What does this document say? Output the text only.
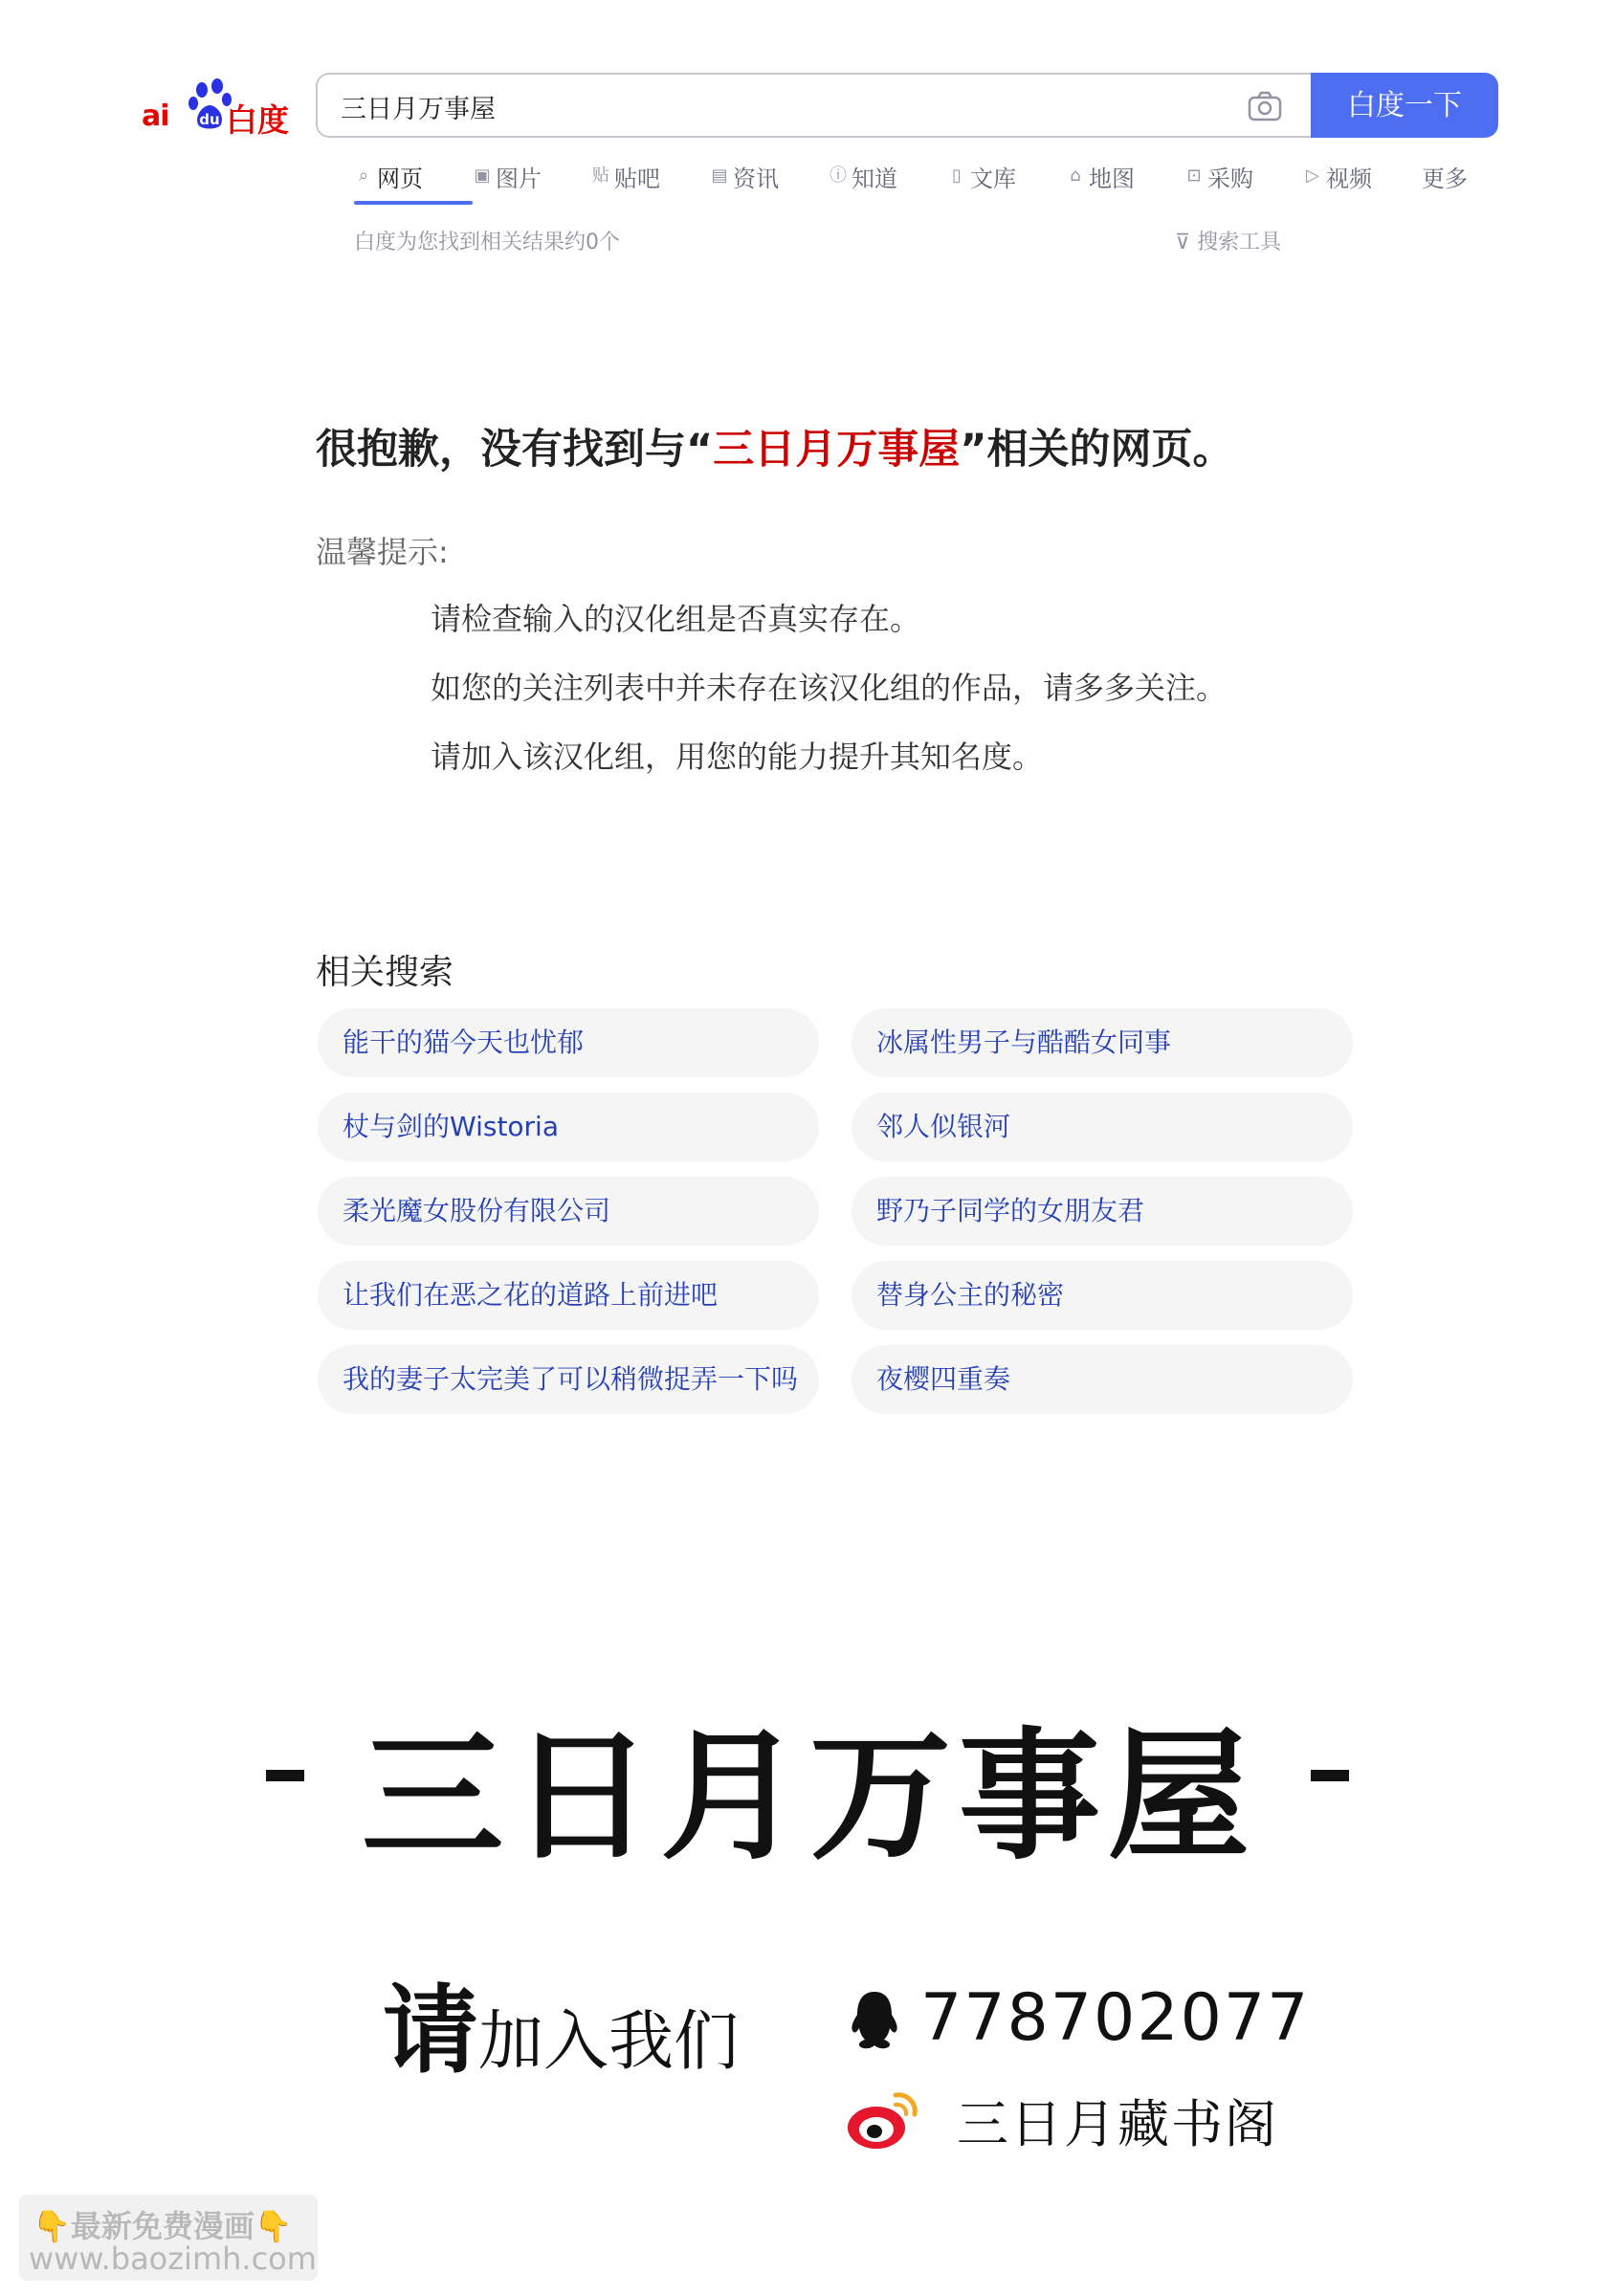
ai du 白度
三日月万事屋	白度一下
⌕ 网页	▣ 图片	贴 贴吧	▤ 资讯	ⓘ 知道	▯ 文库	⌂ 地图	⊡ 采购	▷ 视频 更多
白度为您找到相关结果约0个	⊽ 搜索工具
很抱歉，没有找到与“三日月万事屋”相关的网页。
温馨提示:
请检查输入的汉化组是否真实存在。
如您的关注列表中并未存在该汉化组的作品，请多多关注。
请加入该汉化组，用您的能力提升其知名度。
相关搜索
能干的猫今天也忧郁	冰属性男子与酷酷女同事
杖与剑的Wistoria	邻人似银河
柔光魔女股份有限公司	野乃子同学的女朋友君
让我们在恶之花的道路上前进吧	替身公主的秘密
我的妻子太完美了可以稍微捉弄一下吗	夜樱四重奏
三日月万事屋
请加入我们	778702077
三日月藏书阁
👇最新免费漫画👇
www.baozimh.com
